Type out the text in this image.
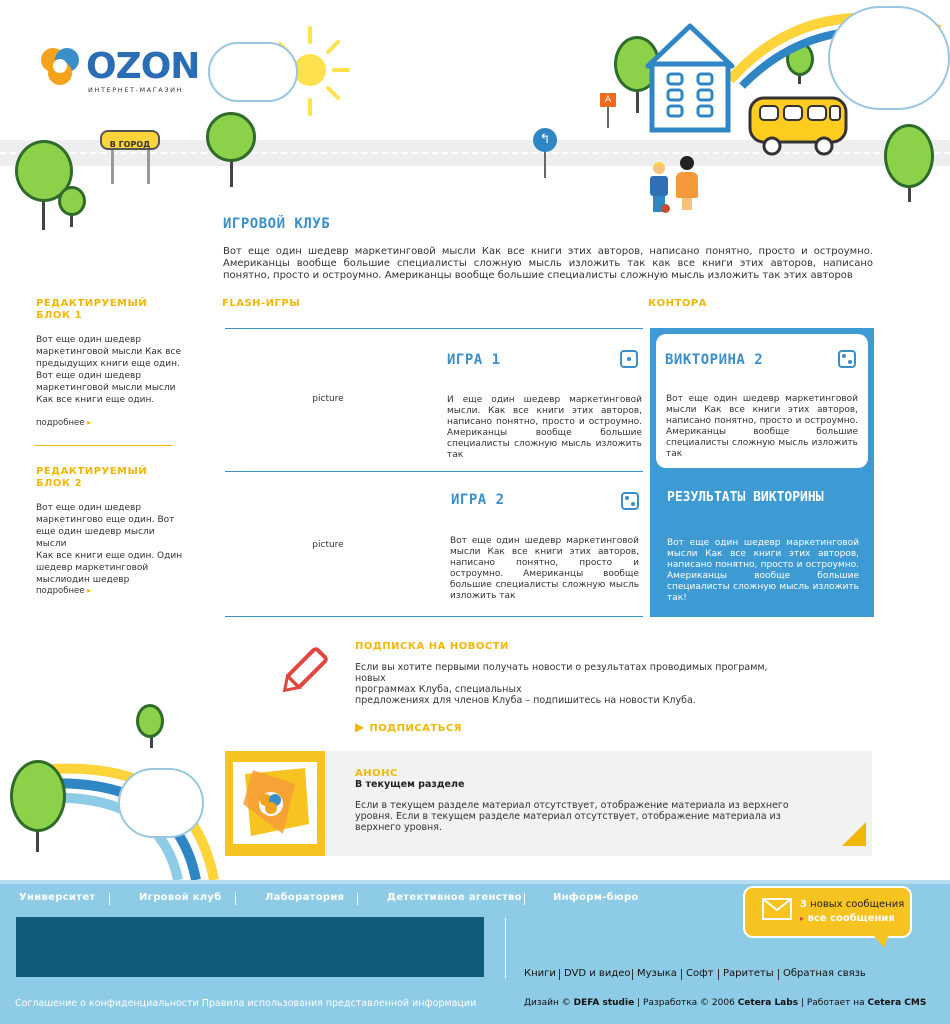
OZON
ИНТЕРНЕТ-МАГАЗИН
В ГОРОД	↰
A
ИГРОВОЙ КЛУБ
Вот еще один шедевр маркетинговой мысли Как все книги этих авторов, написано понятно, просто и остроумно. Американцы вообще большие специалисты сложную мысль изложить так как все книги этих авторов, написано понятно, просто и остроумно. Американцы вообще большие специалисты сложную мысль изложить так этих авторов
РЕДАКТИРУЕМЫЙ
БЛОК 1
Вот еще один шедевр
маркетинговой мысли Как все
предыдущих книги еще один.
Вот еще один шедевр
маркетинговой мысли мысли
Как все книги еще один.
подробнее ▸
РЕДАКТИРУЕМЫЙ
БЛОК 2
Вот еще один шедевр
маркетингово еще один. Вот
еще один шедевр мысли мысли
Как все книги еще один. Один
шедевр маркетинговой
мыслиодин шедевр
подробнее ▸
FLASH-ИГРЫ
picture
ИГРА 1
И еще один шедевр маркетинговой мысли. Как все книги этих авторов, написано понятно, просто и остроумно. Американцы вообще большие специалисты сложную мысль изложить так
picture
ИГРА 2
Вот еще один шедевр маркетинговой мысли Как все книги этих авторов, написано понятно, просто и остроумно. Американцы вообще большие специалисты сложную мысль изложить так
КОНТОРА
ВИКТОРИНА 2
Вот еще один шедевр маркетинговой мысли Как все книги этих авторов, написано понятно, просто и остроумно. Американцы вообще большие специалисты сложную мысль изложить так
РЕЗУЛЬТАТЫ ВИКТОРИНЫ
Вот еще один шедевр маркетинговой мысли Как все книги этих авторов, написано понятно, просто и остроумно. Американцы вообще большие специалисты сложную мысль изложить так!
ПОДПИСКА НА НОВОСТИ
Если вы хотите первыми получать новости о результатах проводимых программ, новых
программах Клуба, специальных
предложениях для членов Клуба – подпишитесь на новости Клуба.
▶ ПОДПИСАТЬСЯ
АНОНС
В текущем разделе
Если в текущем разделе материал отсутствует, отображение материала из верхнего
уровня. Если в текущем разделе материал отсутствует, отображение материала из
верхнего уровня.
Университет	Игровой клуб	Лаборатория	Детективное агенство	Информ-бюро
3 новых сообщения
▸ все сообщения
Книги DVD и видео Музыка Софт Раритеты Обратная связь
Соглашение о конфиденциальности Правила использования представленной информации	Дизайн © DEFA studie | Разработка © 2006 Cetera Labs | Работает на Cetera CMS
